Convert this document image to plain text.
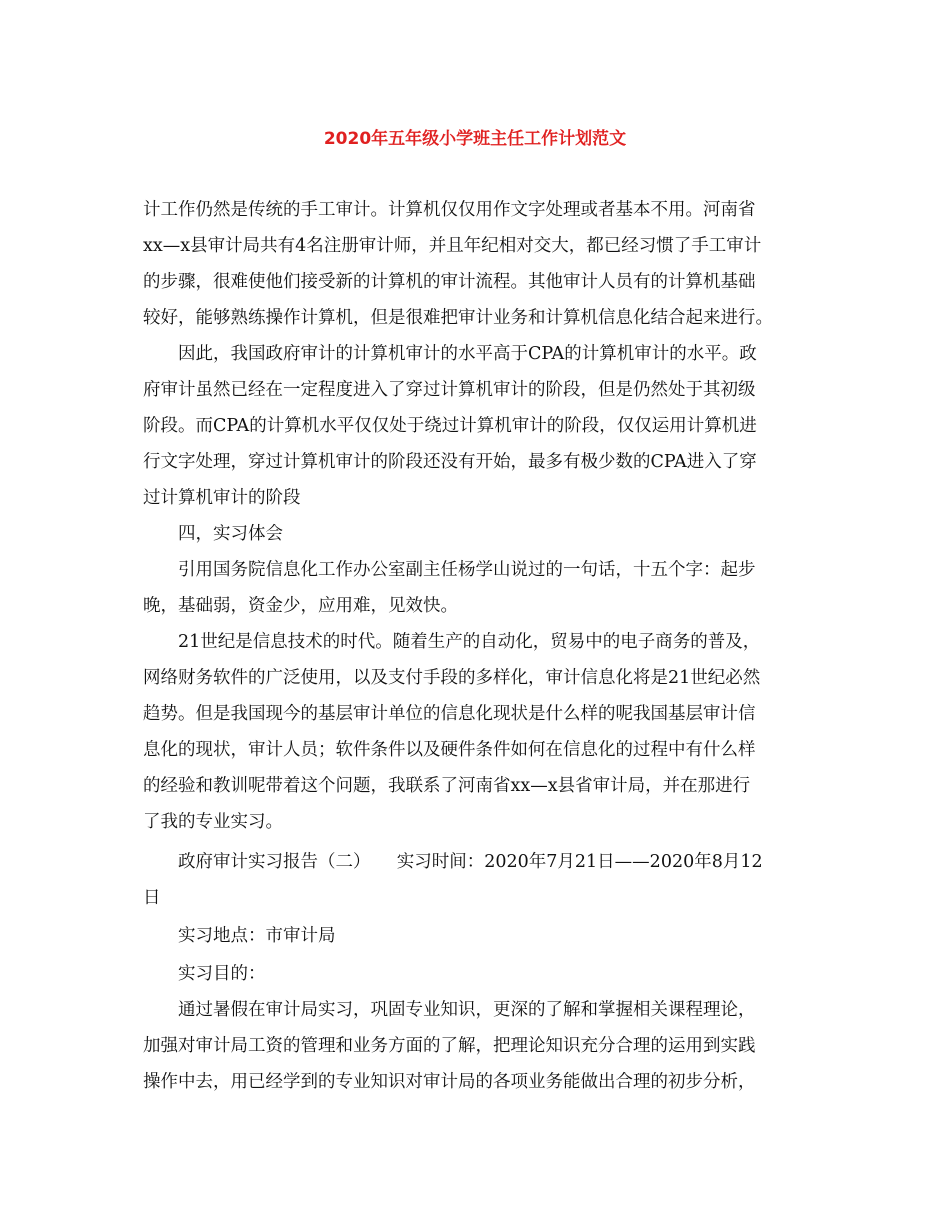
2020年五年级小学班主任工作计划范文
计工作仍然是传统的手工审计。计算机仅仅用作文字处理或者基本不用。河南省
xx—x县审计局共有4名注册审计师，并且年纪相对交大，都已经习惯了手工审计
的步骤，很难使他们接受新的计算机的审计流程。其他审计人员有的计算机基础
较好，能够熟练操作计算机，但是很难把审计业务和计算机信息化结合起来进行。
因此，我国政府审计的计算机审计的水平高于CPA的计算机审计的水平。政
府审计虽然已经在一定程度进入了穿过计算机审计的阶段，但是仍然处于其初级
阶段。而CPA的计算机水平仅仅处于绕过计算机审计的阶段，仅仅运用计算机进
行文字处理，穿过计算机审计的阶段还没有开始，最多有极少数的CPA进入了穿
过计算机审计的阶段
四，实习体会
引用国务院信息化工作办公室副主任杨学山说过的一句话，十五个字：起步
晚，基础弱，资金少，应用难，见效快。
21世纪是信息技术的时代。随着生产的自动化，贸易中的电子商务的普及，
网络财务软件的广泛使用，以及支付手段的多样化，审计信息化将是21世纪必然
趋势。但是我国现今的基层审计单位的信息化现状是什么样的呢我国基层审计信
息化的现状，审计人员；软件条件以及硬件条件如何在信息化的过程中有什么样
的经验和教训呢带着这个问题，我联系了河南省xx—x县省审计局，并在那进行
了我的专业实习。
政府审计实习报告（二）　　实习时间：2020年7月21日——2020年8月12
日
实习地点：市审计局
实习目的：
通过暑假在审计局实习，巩固专业知识，更深的了解和掌握相关课程理论，
加强对审计局工资的管理和业务方面的了解，把理论知识充分合理的运用到实践
操作中去，用已经学到的专业知识对审计局的各项业务能做出合理的初步分析，
